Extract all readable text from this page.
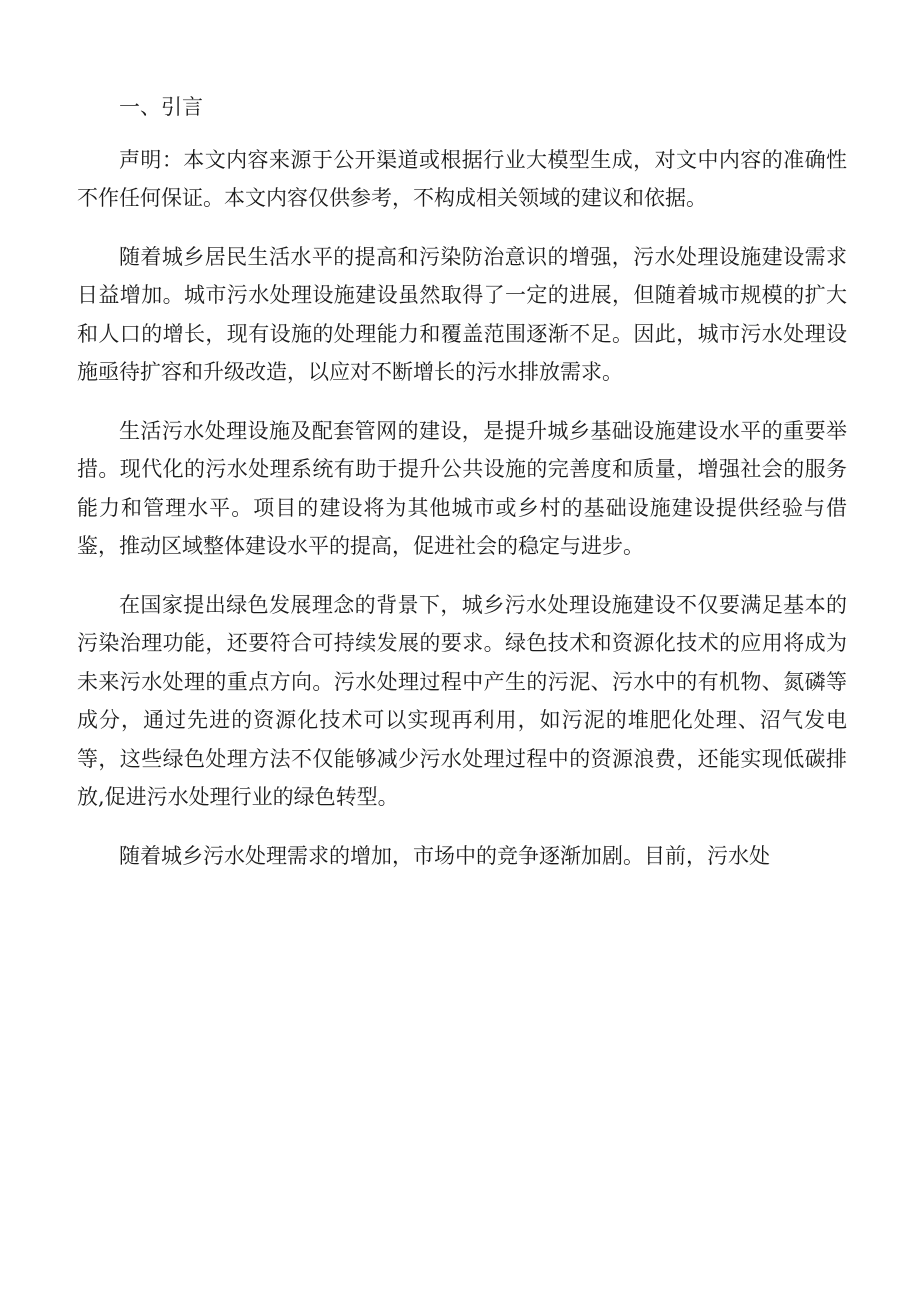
一、引言

声明：本文内容来源于公开渠道或根据行业大模型生成，对文中内容的准确性不作任何保证。本文内容仅供参考，不构成相关领域的建议和依据。

随着城乡居民生活水平的提高和污染防治意识的增强，污水处理设施建设需求日益增加。城市污水处理设施建设虽然取得了一定的进展，但随着城市规模的扩大和人口的增长，现有设施的处理能力和覆盖范围逐渐不足。因此，城市污水处理设施亟待扩容和升级改造，以应对不断增长的污水排放需求。

生活污水处理设施及配套管网的建设，是提升城乡基础设施建设水平的重要举措。现代化的污水处理系统有助于提升公共设施的完善度和质量，增强社会的服务能力和管理水平。项目的建设将为其他城市或乡村的基础设施建设提供经验与借鉴，推动区域整体建设水平的提高，促进社会的稳定与进步。

在国家提出绿色发展理念的背景下，城乡污水处理设施建设不仅要满足基本的污染治理功能，还要符合可持续发展的要求。绿色技术和资源化技术的应用将成为未来污水处理的重点方向。污水处理过程中产生的污泥、污水中的有机物、氮磷等成分，通过先进的资源化技术可以实现再利用，如污泥的堆肥化处理、沼气发电等，这些绿色处理方法不仅能够减少污水处理过程中的资源浪费，还能实现低碳排放,促进污水处理行业的绿色转型。

随着城乡污水处理需求的增加，市场中的竞争逐渐加剧。目前，污水处
